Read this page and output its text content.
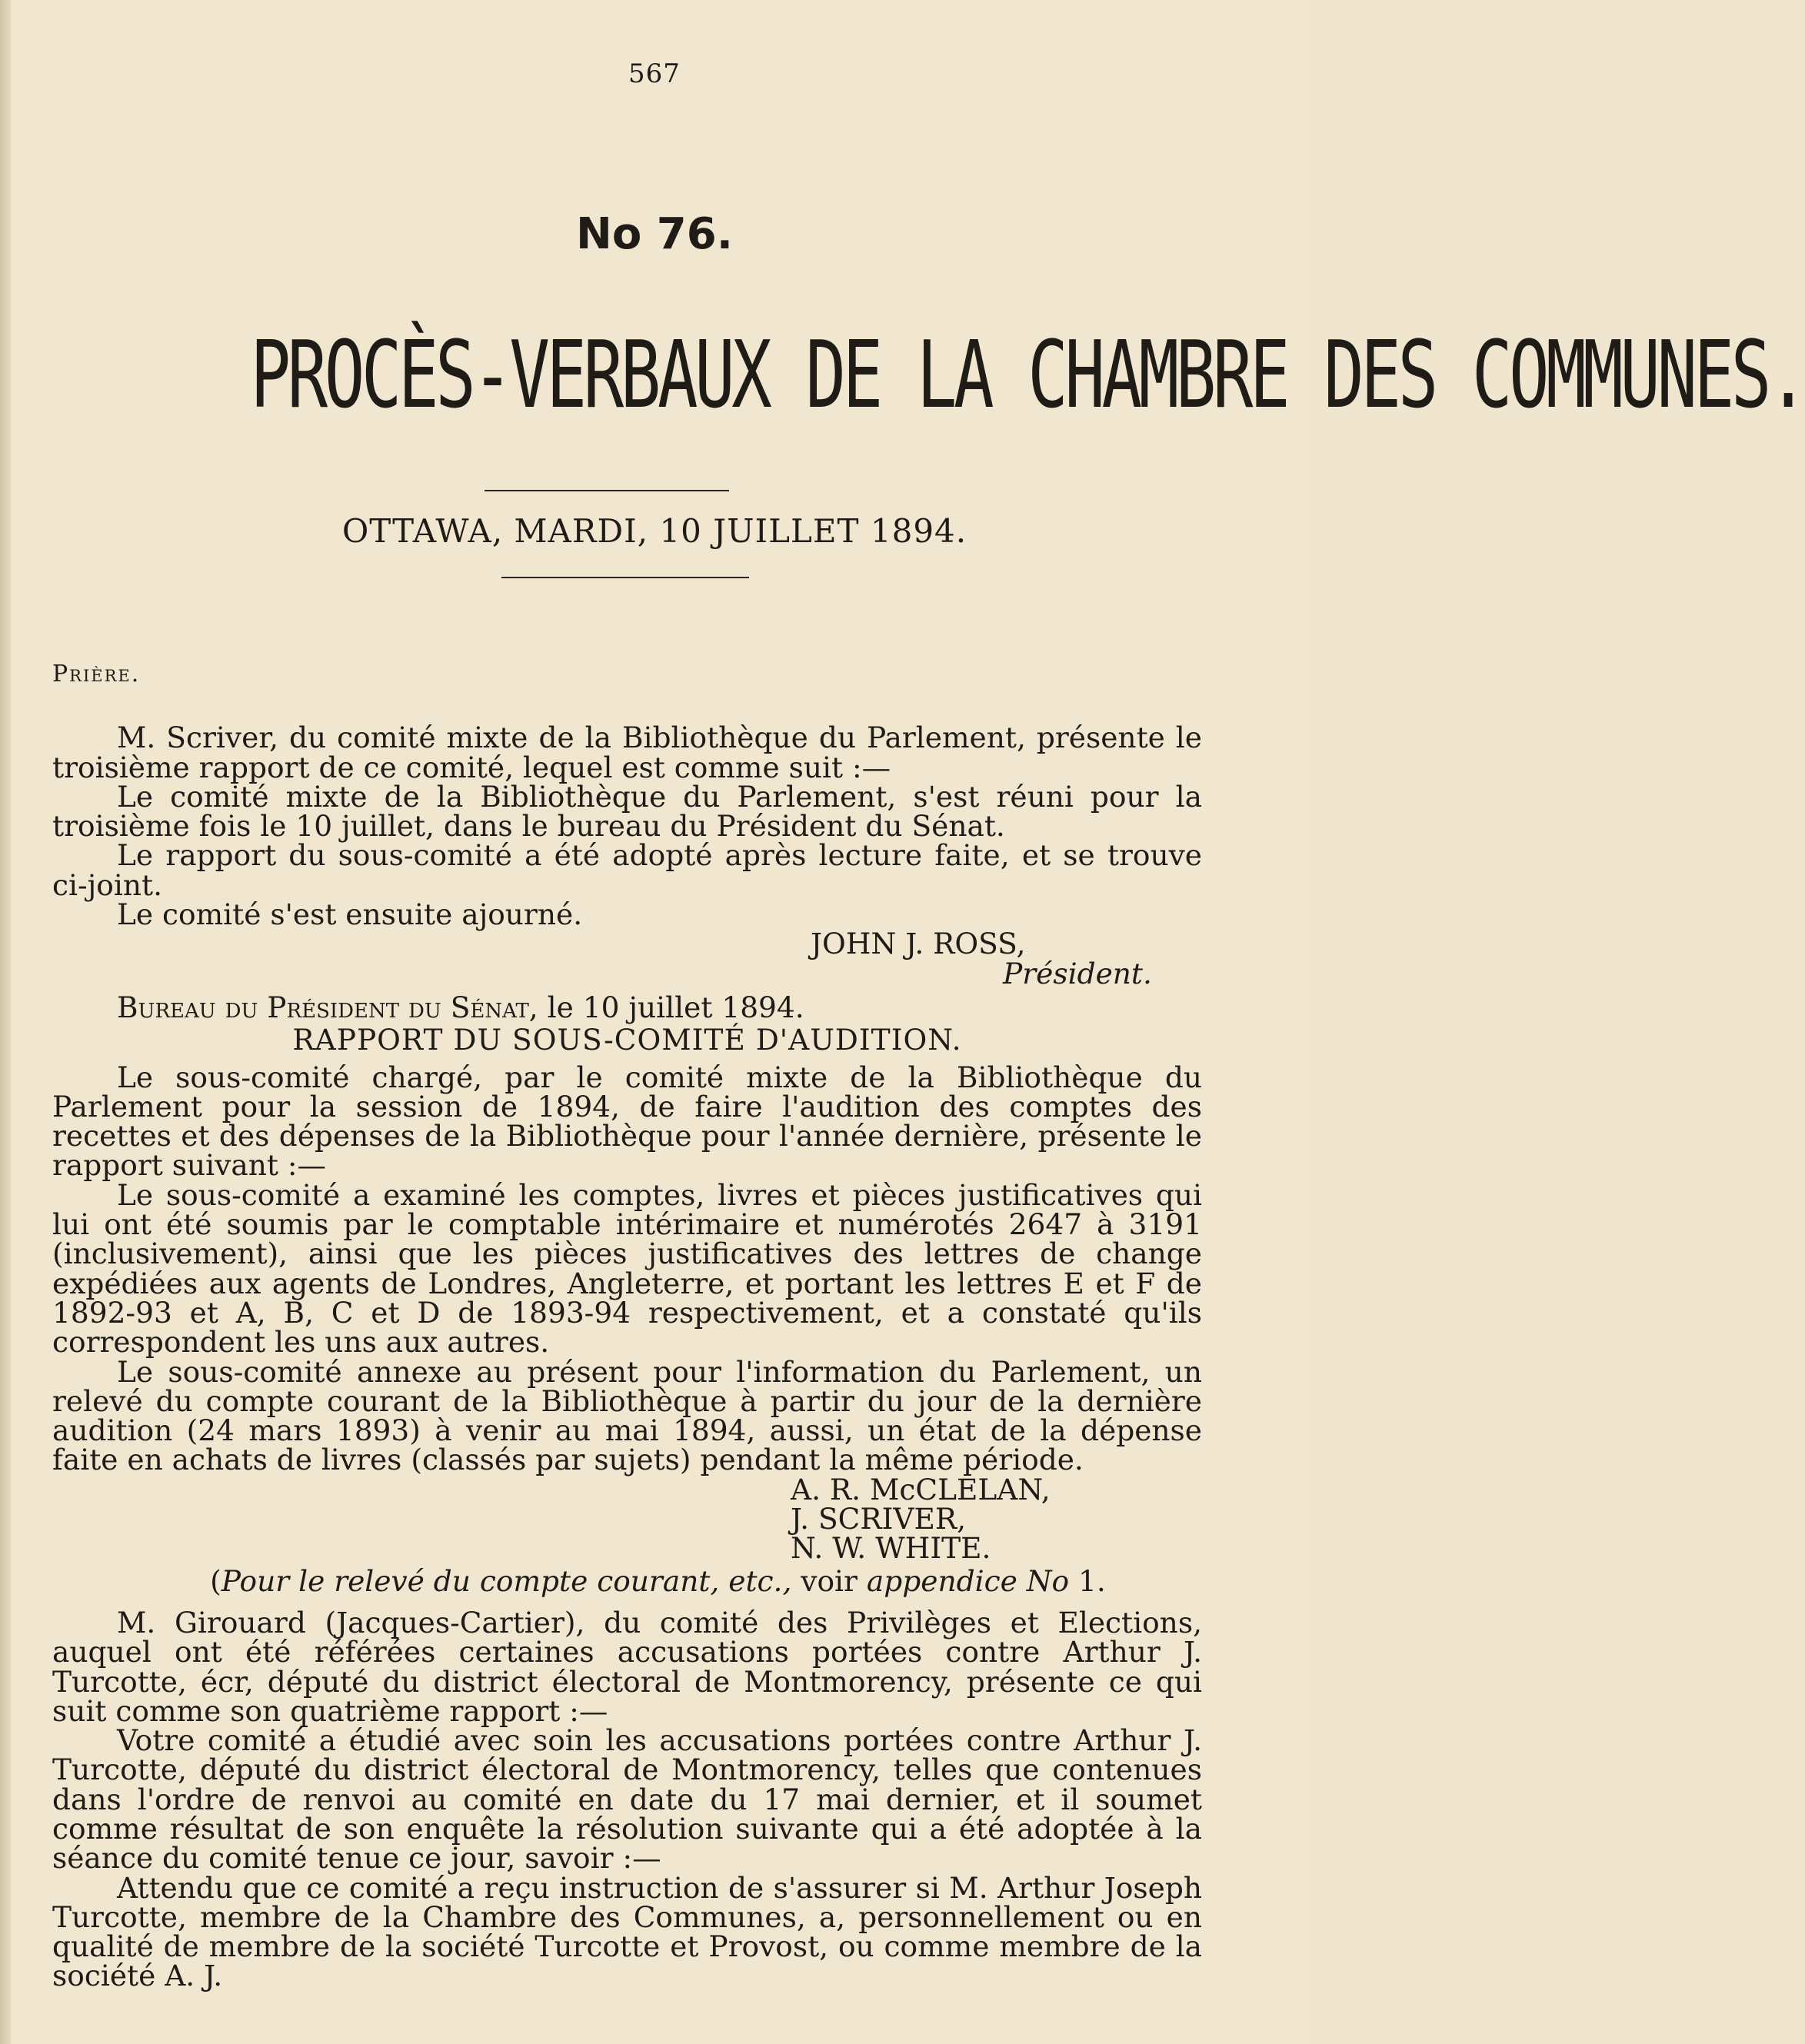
567
No 76.
PROCÈS-VERBAUX DE LA CHAMBRE DES COMMUNES.
OTTAWA, MARDI, 10 JUILLET 1894.

Prière.

M. Scriver, du comité mixte de la Bibliothèque du Parlement, présente le troisième rapport de ce comité, lequel est comme suit :—

Le comité mixte de la Bibliothèque du Parlement, s'est réuni pour la troisième fois le 10 juillet, dans le bureau du Président du Sénat.

Le rapport du sous-comité a été adopté après lecture faite, et se trouve ci-joint.

Le comité s'est ensuite ajourné.

JOHN J. ROSS,

Président.

Bureau du Président du Sénat, le 10 juillet 1894.

RAPPORT DU SOUS-COMITÉ D'AUDITION.

Le sous-comité chargé, par le comité mixte de la Bibliothèque du Parlement pour la session de 1894, de faire l'audition des comptes des recettes et des dépenses de la Bibliothèque pour l'année dernière, présente le rapport suivant :—

Le sous-comité a examiné les comptes, livres et pièces justificatives qui lui ont été soumis par le comptable intérimaire et numérotés 2647 à 3191 (inclusivement), ainsi que les pièces justificatives des lettres de change expédiées aux agents de Londres, Angleterre, et portant les lettres E et F de 1892-93 et A, B, C et D de 1893-94 respectivement, et a constaté qu'ils correspondent les uns aux autres.

Le sous-comité annexe au présent pour l'information du Parlement, un relevé du compte courant de la Bibliothèque à partir du jour de la dernière audition (24 mars 1893) à venir au mai 1894, aussi, un état de la dépense faite en achats de livres (classés par sujets) pendant la même période.

A. R. McCLELAN,

J. SCRIVER,

N. W. WHITE.

(Pour le relevé du compte courant, etc., voir appendice No 1.

M. Girouard (Jacques-Cartier), du comité des Privilèges et Elections, auquel ont été référées certaines accusations portées contre Arthur J. Turcotte, écr, député du district électoral de Montmorency, présente ce qui suit comme son quatrième rapport :—

Votre comité a étudié avec soin les accusations portées contre Arthur J. Turcotte, député du district électoral de Montmorency, telles que contenues dans l'ordre de renvoi au comité en date du 17 mai dernier, et il soumet comme résultat de son enquête la résolution suivante qui a été adoptée à la séance du comité tenue ce jour, savoir :—

Attendu que ce comité a reçu instruction de s'assurer si M. Arthur Joseph Turcotte, membre de la Chambre des Communes, a, personnellement ou en qualité de membre de la société Turcotte et Provost, ou comme membre de la société A. J.
